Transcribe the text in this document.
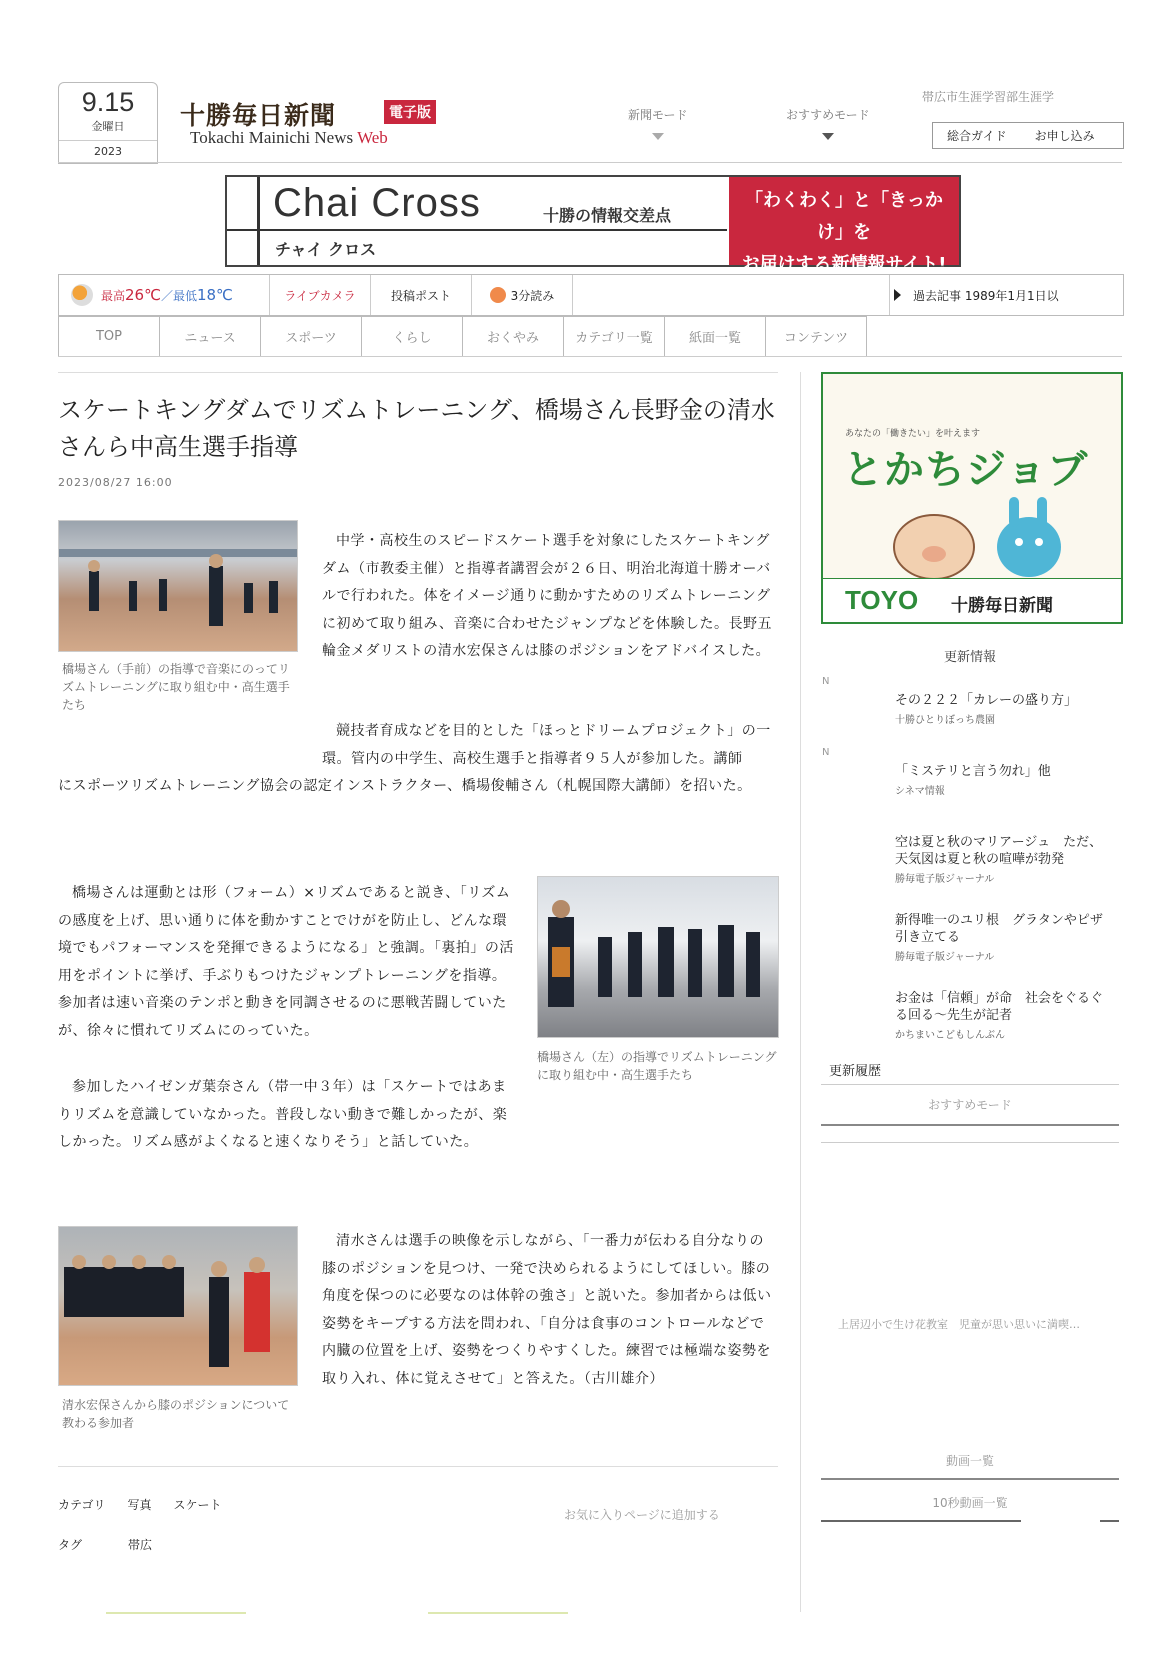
9.15
金曜日
2023
十勝毎日新聞	電子版
Tokachi Mainichi News Web
新聞モード	おすすめモード
帯広市生涯学習部生涯学
総合ガイド	お申し込み
Chai Cross	十勝の情報交差点
チャイ クロス
「わくわく」と「きっかけ」を
お届けする新情報サイト!
最高 26℃ ／最低 18℃	ライブカメラ	投稿ポスト	3分読み	過去記事 1989年1月1日以
TOP	ニュース	スポーツ	くらし	おくやみ	カテゴリ一覧	紙面一覧	コンテンツ
スケートキングダムでリズムトレーニング、橋場さん長野金の清水さんら中高生選手指導
2023/08/27 16:00
橋場さん（手前）の指導で音楽にのってリズムトレーニングに取り組む中・高生選手たち
中学・高校生のスピードスケート選手を対象にしたスケートキングダム（市教委主催）と指導者講習会が２６日、明治北海道十勝オーバルで行われた。体をイメージ通りに動かすためのリズムトレーニングに初めて取り組み、音楽に合わせたジャンプなどを体験した。長野五輪金メダリストの清水宏保さんは膝のポジションをアドバイスした。
競技者育成などを目的とした「ほっとドリームプロジェクト」の一環。管内の中学生、高校生選手と指導者９５人が参加した。講師
にスポーツリズムトレーニング協会の認定インストラクター、橋場俊輔さん（札幌国際大講師）を招いた。
橋場さんは運動とは形（フォーム）×リズムであると説き、「リズムの感度を上げ、思い通りに体を動かすことでけがを防止し、どんな環境でもパフォーマンスを発揮できるようになる」と強調。「裏拍」の活用をポイントに挙げ、手ぶりもつけたジャンプトレーニングを指導。参加者は速い音楽のテンポと動きを同調させるのに悪戦苦闘していたが、徐々に慣れてリズムにのっていた。
橋場さん（左）の指導でリズムトレーニングに取り組む中・高生選手たち
参加したハイゼンガ葉奈さん（帯一中３年）は「スケートではあまりリズムを意識していなかった。普段しない動きで難しかったが、楽しかった。リズム感がよくなると速くなりそう」と話していた。
清水宏保さんから膝のポジションについて教わる参加者
清水さんは選手の映像を示しながら、「一番力が伝わる自分なりの膝のポジションを見つけ、一発で決められるようにしてほしい。膝の角度を保つのに必要なのは体幹の強さ」と説いた。参加者からは低い姿勢をキープする方法を問われ、「自分は食事のコントロールなどで内臓の位置を上げ、姿勢をつくりやすくした。練習では極端な姿勢を取り入れ、体に覚えさせて」と答えた。（古川雄介）
カテゴリ 写真 スケート
タグ	帯広
お気に入りページに追加する
あなたの「働きたい」を叶えます
とかちジョブ
TOYO 十勝毎日新聞
更新情報
N
その２２２「カレーの盛り方」
十勝ひとりぼっち農園
N
「ミステリと言う勿れ」他
シネマ情報
空は夏と秋のマリアージュ　ただ、天気図は夏と秋の喧嘩が勃発
勝毎電子版ジャーナル
新得唯一のユリ根　グラタンやピザ引き立てる
勝毎電子版ジャーナル
お金は「信頼」が命　社会をぐるぐる回る〜先生が記者
かちまいこどもしんぶん
更新履歴
おすすめモード
上居辺小で生け花教室　児童が思い思いに満喫…
動画一覧
10秒動画一覧
